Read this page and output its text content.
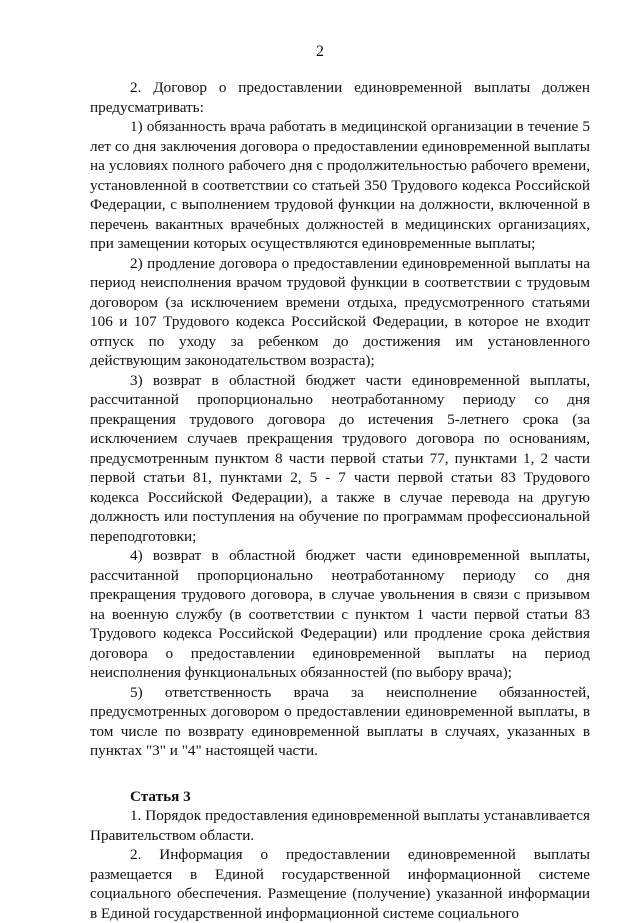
2

2. Договор о предоставлении единовременной выплаты должен предусматривать:

1) обязанность врача работать в медицинской организации в течение 5 лет со дня заключения договора о предоставлении единовременной выплаты на условиях полного рабочего дня с продолжительностью рабочего времени, установленной в соответствии со статьей 350 Трудового кодекса Российской Федерации, с выполнением трудовой функции на должности, включенной в перечень вакантных врачебных должностей в медицинских организациях, при замещении которых осуществляются единовременные выплаты;

2) продление договора о предоставлении единовременной выплаты на период неисполнения врачом трудовой функции в соответствии с трудовым договором (за исключением времени отдыха, предусмотренного статьями 106 и 107 Трудового кодекса Российской Федерации, в которое не входит отпуск по уходу за ребенком до достижения им установленного действующим законодательством возраста);

3) возврат в областной бюджет части единовременной выплаты, рассчитанной пропорционально неотработанному периоду со дня прекращения трудового договора до истечения 5-летнего срока (за исключением случаев прекращения трудового договора по основаниям, предусмотренным пунктом 8 части первой статьи 77, пунктами 1, 2 части первой статьи 81, пунктами 2, 5 - 7 части первой статьи 83 Трудового кодекса Российской Федерации), а также в случае перевода на другую должность или поступления на обучение по программам профессиональной переподготовки;

4) возврат в областной бюджет части единовременной выплаты, рассчитанной пропорционально неотработанному периоду со дня прекращения трудового договора, в случае увольнения в связи с призывом на военную службу (в соответствии с пунктом 1 части первой статьи 83 Трудового кодекса Российской Федерации) или продление срока действия договора о предоставлении единовременной выплаты на период неисполнения функциональных обязанностей (по выбору врача);

5) ответственность врача за неисполнение обязанностей, предусмотренных договором о предоставлении единовременной выплаты, в том числе по возврату единовременной выплаты в случаях, указанных в пунктах "3" и "4" настоящей части.

Статья 3

1. Порядок предоставления единовременной выплаты устанавливается Правительством области.

2. Информация о предоставлении единовременной выплаты размещается в Единой государственной информационной системе социального обеспечения. Размещение (получение) указанной информации в Единой государственной информационной системе социального
